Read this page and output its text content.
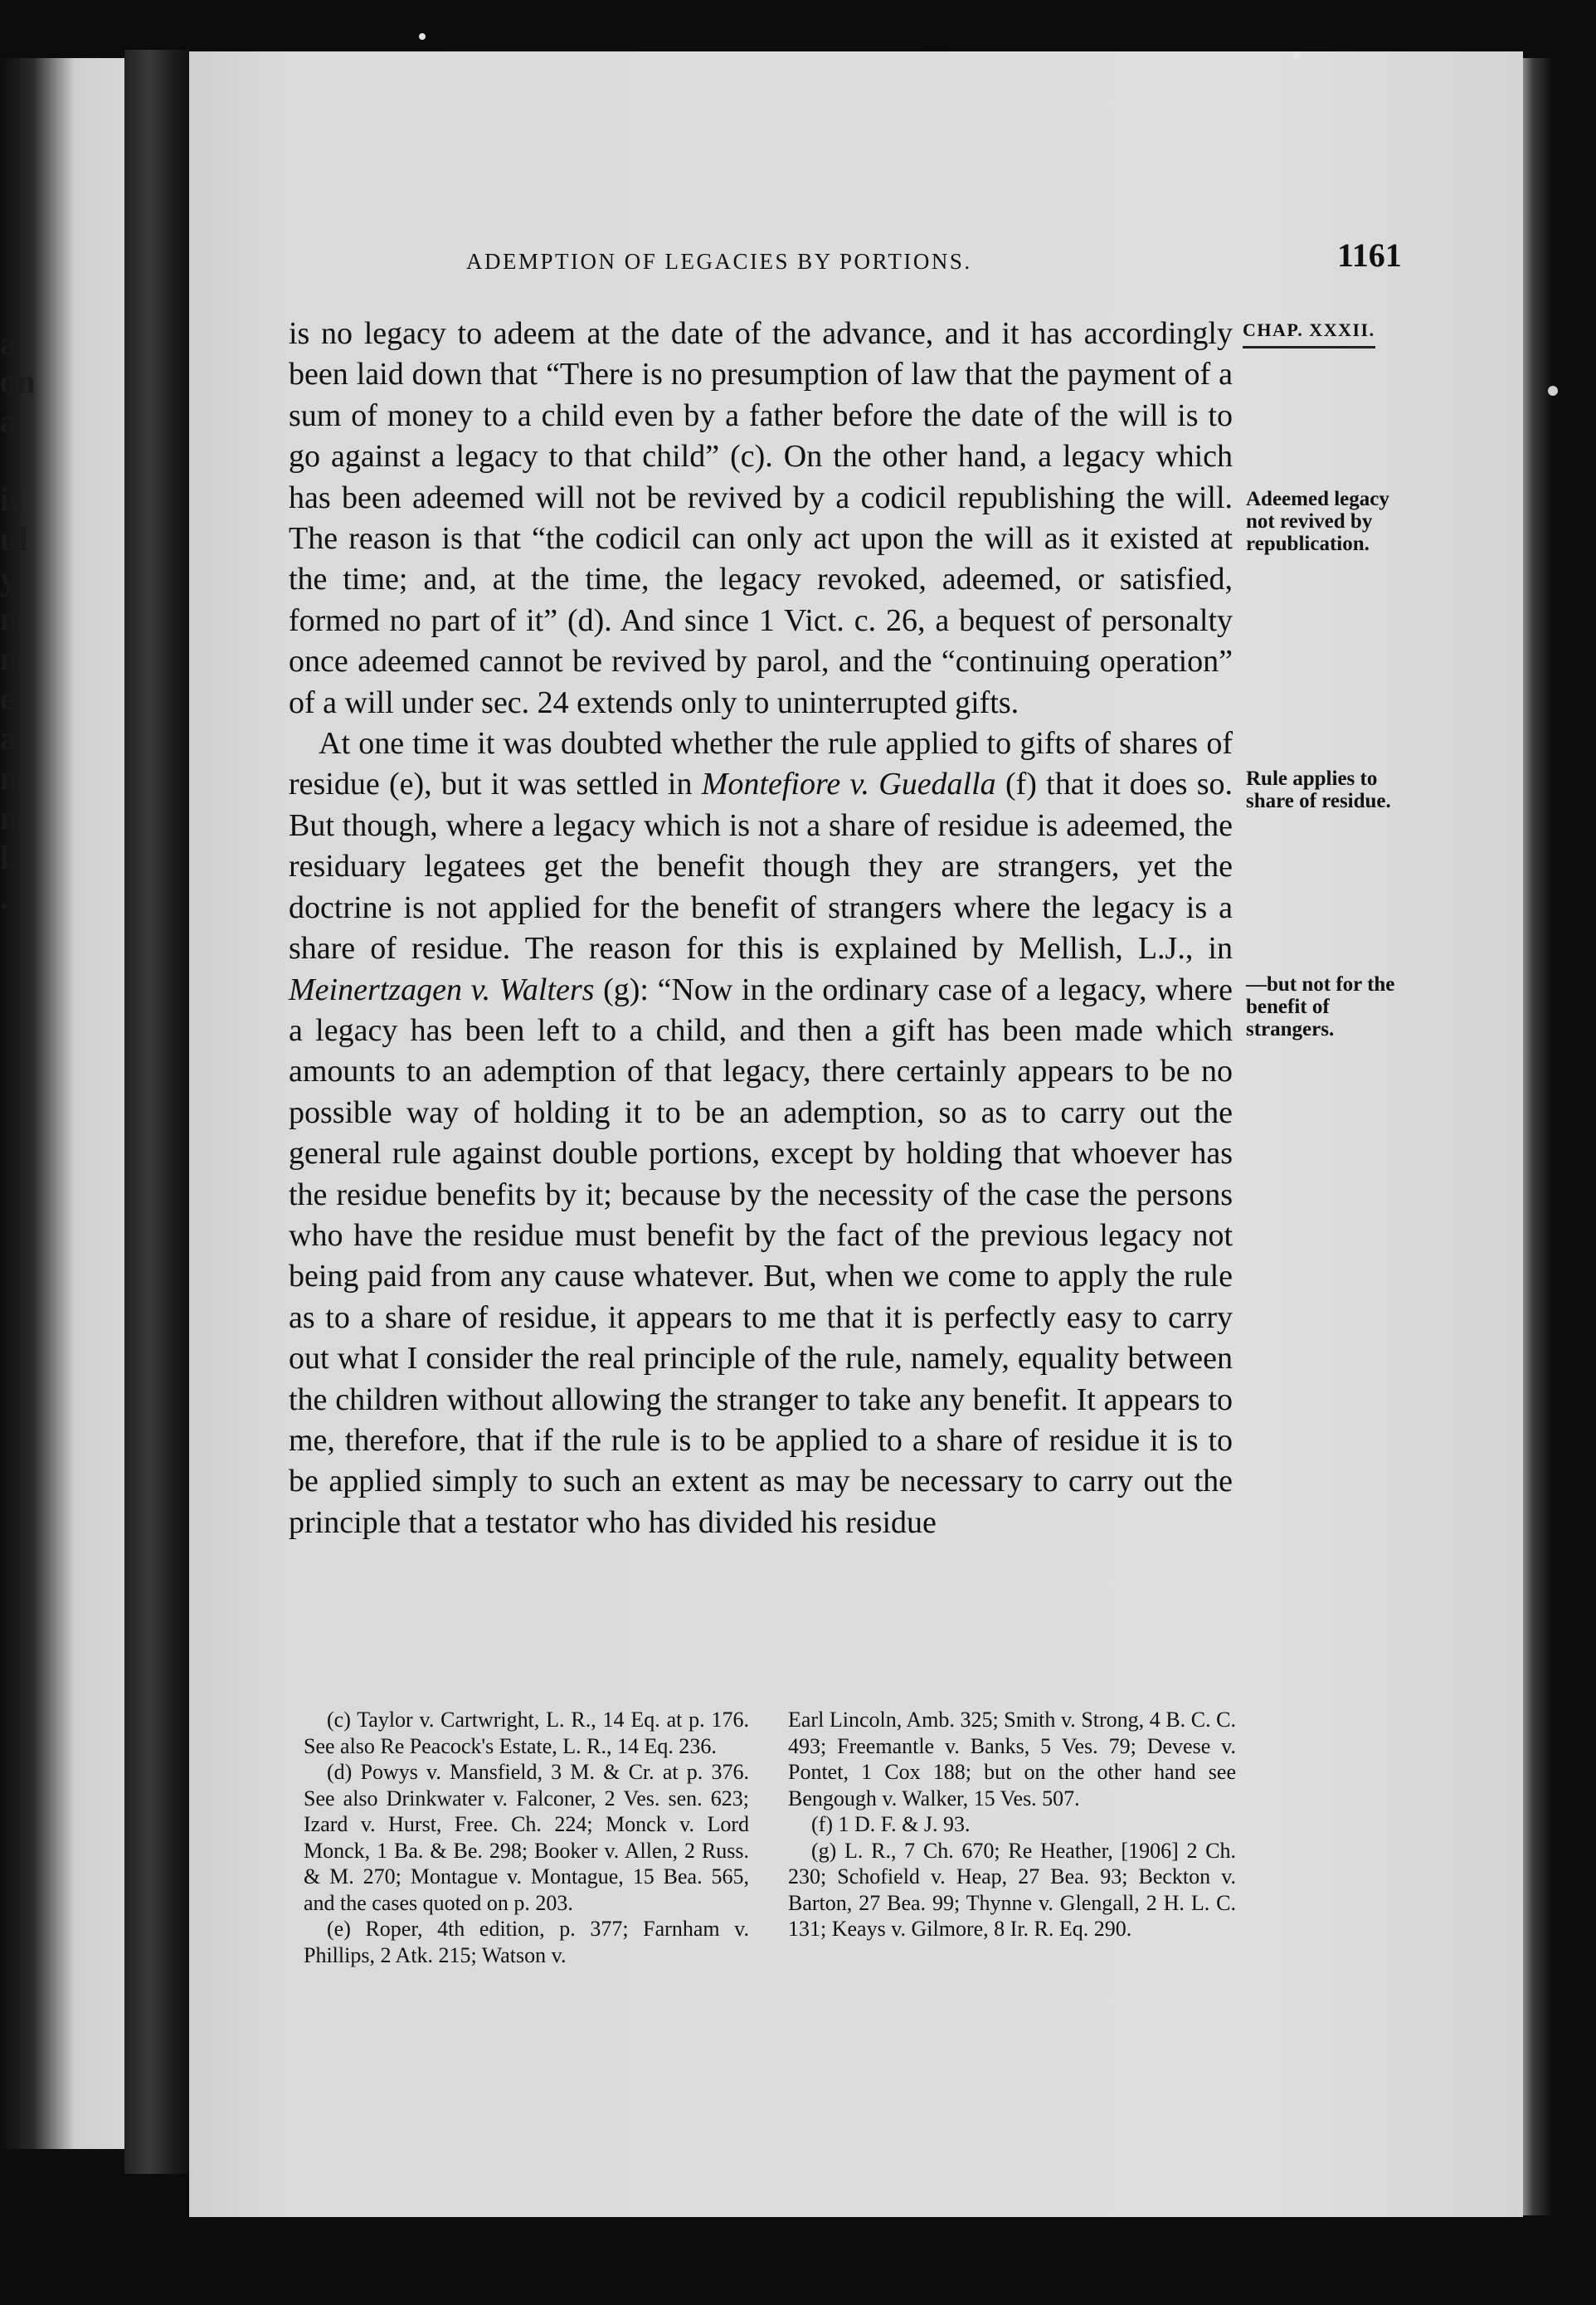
a
on
a
is
ul
y
n
n
e
a
n
n
l
.
ADEMPTION OF LEGACIES BY PORTIONS.	1161
CHAP. XXXII.

is no legacy to adeem at the date of the advance, and it has accordingly been laid down that “There is no presumption of law that the payment of a sum of money to a child even by a father before the date of the will is to go against a legacy to that child” (c). On the other hand, a legacy which has been adeemed will not be revived by a codicil republishing the will. The reason is that “the codicil can only act upon the will as it existed at the time; and, at the time, the legacy revoked, adeemed, or satisfied, formed no part of it” (d). And since 1 Vict. c. 26, a bequest of personalty once adeemed cannot be revived by parol, and the “continuing operation” of a will under sec. 24 extends only to uninterrupted gifts.

At one time it was doubted whether the rule applied to gifts of shares of residue (e), but it was settled in Montefiore v. Guedalla (f) that it does so. But though, where a legacy which is not a share of residue is adeemed, the residuary legatees get the benefit though they are strangers, yet the doctrine is not applied for the benefit of strangers where the legacy is a share of residue. The reason for this is explained by Mellish, L.J., in Meinertzagen v. Walters (g): “Now in the ordinary case of a legacy, where a legacy has been left to a child, and then a gift has been made which amounts to an ademption of that legacy, there certainly appears to be no possible way of holding it to be an ademption, so as to carry out the general rule against double portions, except by holding that whoever has the residue benefits by it; because by the necessity of the case the persons who have the residue must benefit by the fact of the previous legacy not being paid from any cause whatever. But, when we come to apply the rule as to a share of residue, it appears to me that it is perfectly easy to carry out what I consider the real principle of the rule, namely, equality between the children without allowing the stranger to take any benefit. It appears to me, therefore, that if the rule is to be applied to a share of residue it is to be applied simply to such an extent as may be necessary to carry out the principle that a testator who has divided his residue

Adeemed legacy not revived by republication.
Rule applies to share of residue.
—but not for the benefit of strangers.

(c) Taylor v. Cartwright, L. R., 14 Eq. at p. 176. See also Re Peacock's Estate, L. R., 14 Eq. 236.

(d) Powys v. Mansfield, 3 M. & Cr. at p. 376. See also Drinkwater v. Falconer, 2 Ves. sen. 623; Izard v. Hurst, Free. Ch. 224; Monck v. Lord Monck, 1 Ba. & Be. 298; Booker v. Allen, 2 Russ. & M. 270; Montague v. Montague, 15 Bea. 565, and the cases quoted on p. 203.

(e) Roper, 4th edition, p. 377; Farnham v. Phillips, 2 Atk. 215; Watson v.

Earl Lincoln, Amb. 325; Smith v. Strong, 4 B. C. C. 493; Freemantle v. Banks, 5 Ves. 79; Devese v. Pontet, 1 Cox 188; but on the other hand see Bengough v. Walker, 15 Ves. 507.

(f) 1 D. F. & J. 93.

(g) L. R., 7 Ch. 670; Re Heather, [1906] 2 Ch. 230; Schofield v. Heap, 27 Bea. 93; Beckton v. Barton, 27 Bea. 99; Thynne v. Glengall, 2 H. L. C. 131; Keays v. Gilmore, 8 Ir. R. Eq. 290.
